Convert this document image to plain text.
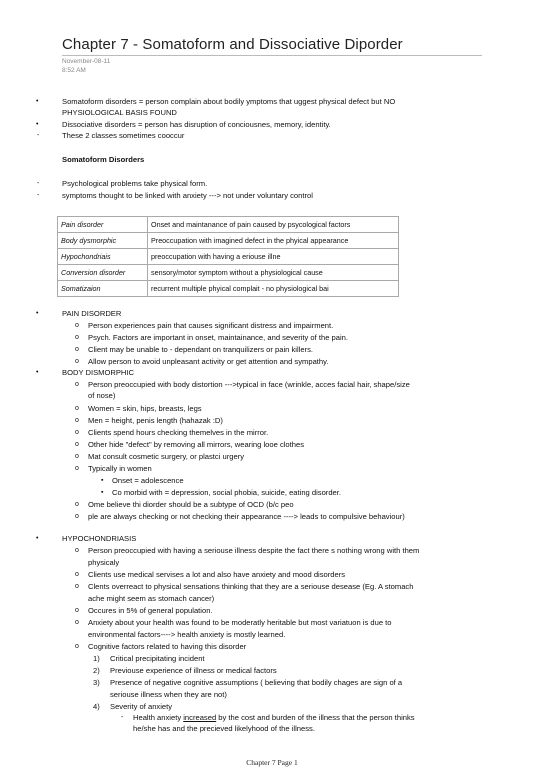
Chapter 7 - Somatoform and Dissociative Diporder
November-08-11
8:52 AM
•	Somatoform disorders = person complain about bodily ymptoms that uggest physical defect but NO
PHYSIOLOGICAL BASIS FOUND
•	Dissociative disorders = person has disruption of conciousnes, memory, identity.
-	These 2 classes sometimes cooccur
Somatoform Disorders
-	Psychological problems take physical form.
-	symptoms thought to be linked with anxiety ---> not under voluntary control
Pain disorder	Onset and maintanance of pain caused by psycological factors
Body dysmorphic	Preoccupation with imagined defect in the phyical appearance
Hypochondriais	preoccupation with having a eriouse illne
Conversion disorder	sensory/motor symptom without a physiological cause
Somatizaion	recurrent multiple phyical complait - no physiological bai
•	PAIN DISORDER
o Person experiences pain that causes significant distress and impairment.
o Psych. Factors are important in onset, maintainance, and severity of the pain.
o Client may be unable to - dependant on tranquilizers or pain killers.
o Allow person to avoid unpleasant activity or get attention and sympathy.
•	BODY DISMORPHIC
o Person preoccupied with body distortion --->typical in face (wrinkle, acces facial hair, shape/size
of nose)
o Women = skin, hips, breasts, legs
o Men = height, penis length (hahazak :D)
o Clients spend hours checking themelves in the mirror.
o Other hide "defect" by removing all mirrors, wearing looe clothes
o Mat consult cosmetic surgery, or plastci urgery
o Typically in women
▪ Onset = adolescence
▪ Co morbid with = depression, social phobia, suicide, eating disorder.
o Ome believe thi diorder should be a subtype of OCD (b/c peo
o ple are always checking or not checking their appearance ----> leads to compulsive behaviour)
•	HYPOCHONDRIASIS
o Person preoccupied with having a seriouse illness despite the fact there s nothing wrong with them
physicaly
o Clients use medical servises a lot and also have anxiety and mood disorders
o Clents overreact to physical sensations thinking that they are a seriouse desease (Eg. A stomach
ache might seem as stomach cancer)
o Occures in 5% of general population.
o Anxiety about your health was found to be moderatly heritable but most variatuon is due to
environmental factors----> health anxiety is mostly learned.
o Cognitive factors related to having this disorder
1) Critical precipitating incident
2) Previouse experience of illness or medical factors
3) Presence of negative cognitive assumptions ( believing that bodily chages are sign of a
seriouse illness when they are not)
4) Severity of anxiety
- Health anxiety increased by the cost and burden of the illness that the person thinks
he/she has and the precieved likelyhood of the illness.
Chapter 7 Page 1
